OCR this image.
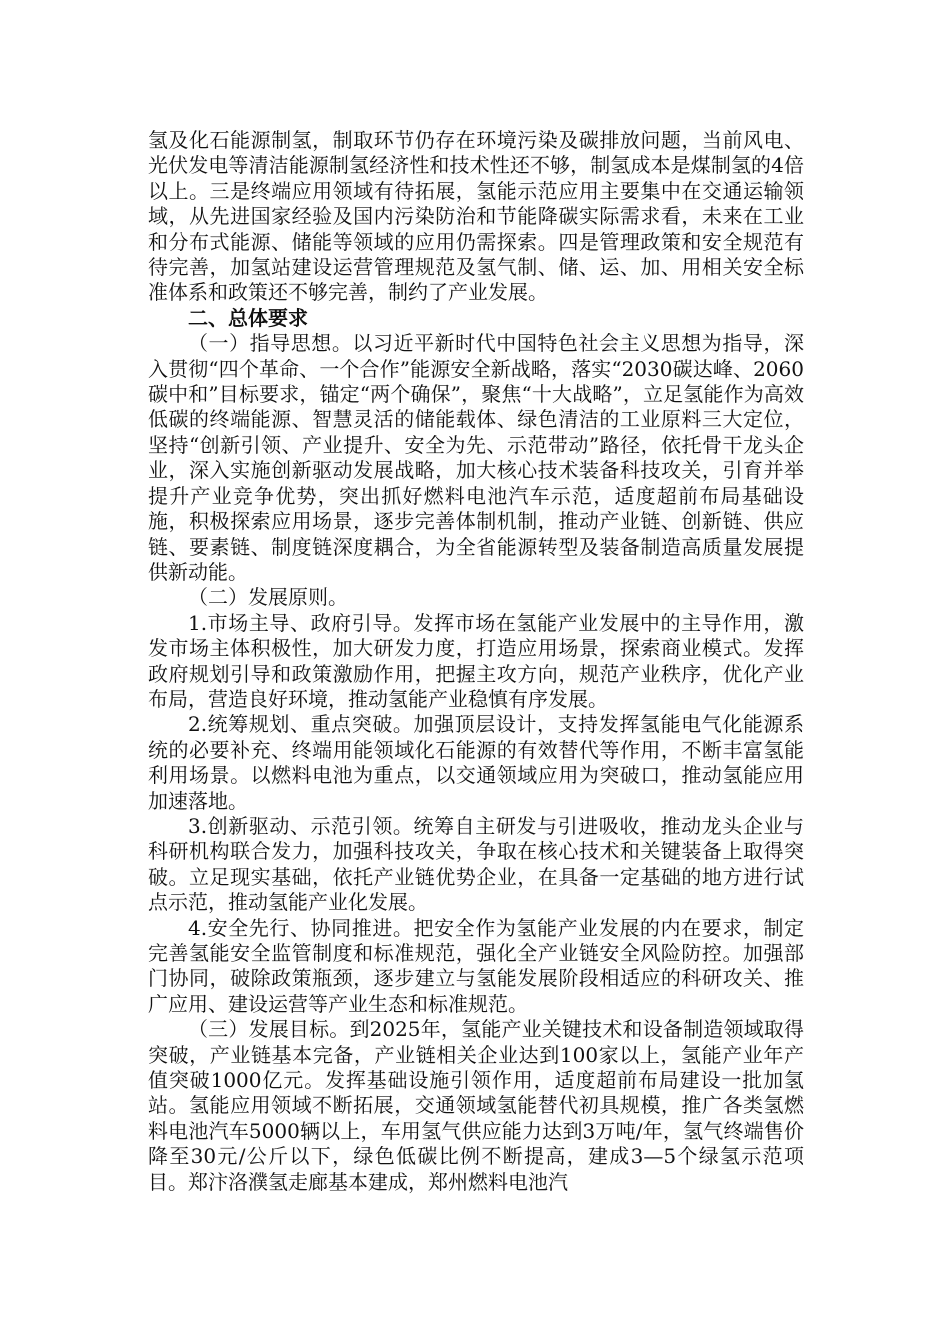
氢及化石能源制氢，制取环节仍存在环境污染及碳排放问题，当前风电、光伏发电等清洁能源制氢经济性和技术性还不够，制氢成本是煤制氢的4倍以上。三是终端应用领域有待拓展，氢能示范应用主要集中在交通运输领域，从先进国家经验及国内污染防治和节能降碳实际需求看，未来在工业和分布式能源、储能等领域的应用仍需探索。四是管理政策和安全规范有待完善，加氢站建设运营管理规范及氢气制、储、运、加、用相关安全标准体系和政策还不够完善，制约了产业发展。

二、总体要求

（一）指导思想。以习近平新时代中国特色社会主义思想为指导，深入贯彻“四个革命、一个合作”能源安全新战略，落实“2030碳达峰、2060碳中和”目标要求，锚定“两个确保”，聚焦“十大战略”，立足氢能作为高效低碳的终端能源、智慧灵活的储能载体、绿色清洁的工业原料三大定位，坚持“创新引领、产业提升、安全为先、示范带动”路径，依托骨干龙头企业，深入实施创新驱动发展战略，加大核心技术装备科技攻关，引育并举提升产业竞争优势，突出抓好燃料电池汽车示范，适度超前布局基础设施，积极探索应用场景，逐步完善体制机制，推动产业链、创新链、供应链、要素链、制度链深度耦合，为全省能源转型及装备制造高质量发展提供新动能。

（二）发展原则。

1.市场主导、政府引导。发挥市场在氢能产业发展中的主导作用，激发市场主体积极性，加大研发力度，打造应用场景，探索商业模式。发挥政府规划引导和政策激励作用，把握主攻方向，规范产业秩序，优化产业布局，营造良好环境，推动氢能产业稳慎有序发展。

2.统筹规划、重点突破。加强顶层设计，支持发挥氢能电气化能源系统的必要补充、终端用能领域化石能源的有效替代等作用，不断丰富氢能利用场景。以燃料电池为重点，以交通领域应用为突破口，推动氢能应用加速落地。

3.创新驱动、示范引领。统筹自主研发与引进吸收，推动龙头企业与科研机构联合发力，加强科技攻关，争取在核心技术和关键装备上取得突破。立足现实基础，依托产业链优势企业，在具备一定基础的地方进行试点示范，推动氢能产业化发展。

4.安全先行、协同推进。把安全作为氢能产业发展的内在要求，制定完善氢能安全监管制度和标准规范，强化全产业链安全风险防控。加强部门协同，破除政策瓶颈，逐步建立与氢能发展阶段相适应的科研攻关、推广应用、建设运营等产业生态和标准规范。

（三）发展目标。到2025年，氢能产业关键技术和设备制造领域取得突破，产业链基本完备，产业链相关企业达到100家以上，氢能产业年产值突破1000亿元。发挥基础设施引领作用，适度超前布局建设一批加氢站。氢能应用领域不断拓展，交通领域氢能替代初具规模，推广各类氢燃料电池汽车5000辆以上，车用氢气供应能力达到3万吨/年，氢气终端售价降至30元/公斤以下，绿色低碳比例不断提高，建成3—5个绿氢示范项目。郑汴洛濮氢走廊基本建成，郑州燃料电池汽
